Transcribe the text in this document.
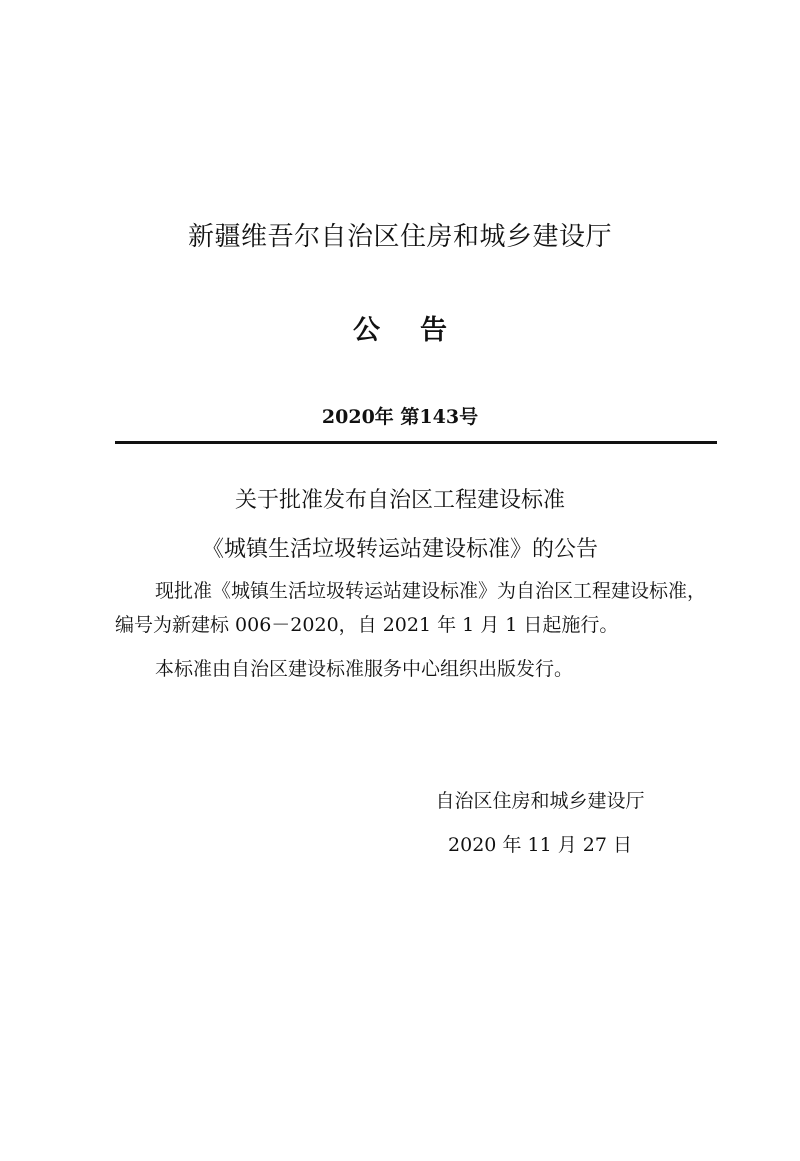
新疆维吾尔自治区住房和城乡建设厅
公告
2020年 第143号
关于批准发布自治区工程建设标准
《城镇生活垃圾转运站建设标准》的公告
现批准《城镇生活垃圾转运站建设标准》为自治区工程建设标准，编号为新建标 006－2020，自 2021 年 1 月 1 日起施行。
本标准由自治区建设标准服务中心组织出版发行。
自治区住房和城乡建设厅
2020 年 11 月 27 日
